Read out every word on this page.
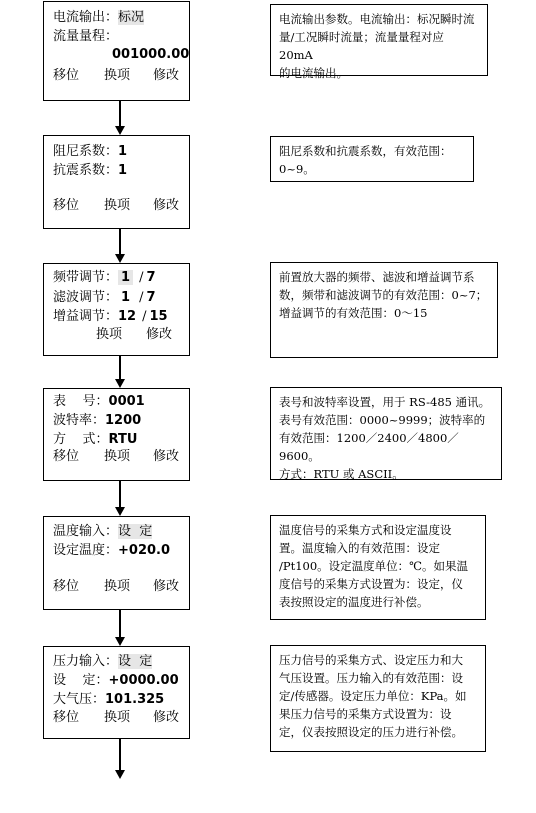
电流输出：标况
流量量程：
001000.00
移位 换项 修改
电流输出参数。电流输出：标况瞬时流
量/工况瞬时流量；流量量程对应 20mA
的电流输出。
阻尼系数：1
抗震系数：1
移位 换项 修改
阻尼系数和抗震系数，有效范围：
0~9。
频带调节： 1 / 7
滤波调节： 1 / 7
增益调节：12 / 15
换项 修改
前置放大器的频带、滤波和增益调节系
数，频带和滤波调节的有效范围：0~7；
增益调节的有效范围：0～15
表    号：0001
波特率：1200
方    式：RTU
移位 换项 修改
表号和波特率设置，用于 RS-485 通讯。
表号有效范围：0000~9999；波特率的
有效范围：1200／2400／4800／9600。
方式：RTU 或 ASCII。
温度输入：设  定
设定温度：+020.0
移位 换项 修改
温度信号的采集方式和设定温度设
置。温度输入的有效范围：设定
/Pt100。设定温度单位：℃。如果温
度信号的采集方式设置为：设定，仪
表按照设定的温度进行补偿。
压力输入：设  定
设    定：+0000.00
大气压：101.325
移位 换项 修改
压力信号的采集方式、设定压力和大
气压设置。压力输入的有效范围：设
定/传感器。设定压力单位：KPa。如
果压力信号的采集方式设置为：设
定，仪表按照设定的压力进行补偿。
